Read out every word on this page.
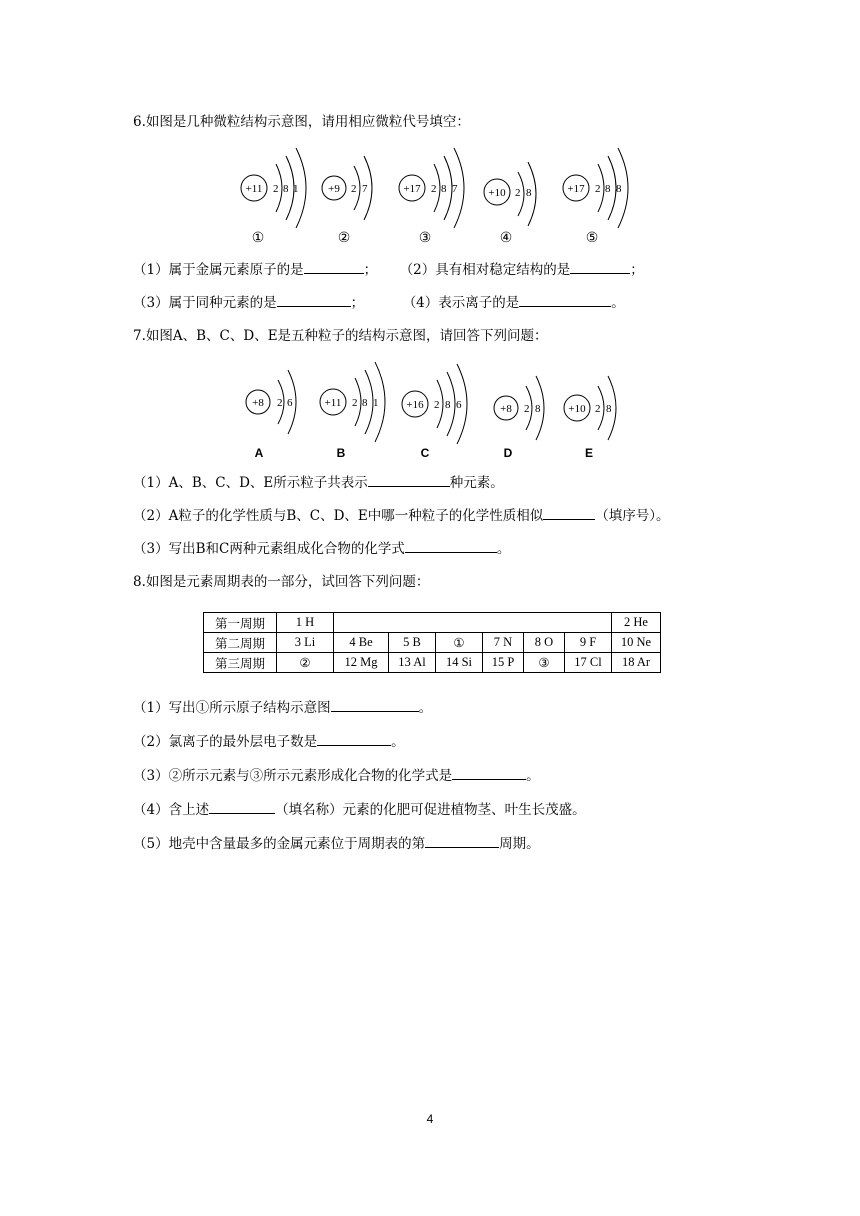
6.如图是几种微粒结构示意图，请用相应微粒代号填空：
+11 2 8 1
①
+9 2 7
②
+17 2 8 7
③
+10 2 8
④
+17 2 8 8
⑤
（1）属于金属元素原子的是	； （2）具有相对稳定结构的是	；
（3）属于同种元素的是	；	（4）表示离子的是	。
7.如图A、B、C、D、E是五种粒子的结构示意图，请回答下列问题：
+8 2 6
A
+11 2 8 1
B
+16 2 8 6
C
+8 2 8
D
+10 2 8
E
（1）A、B、C、D、E所示粒子共表示	种元素。
（2）A粒子的化学性质与B、C、D、E中哪一种粒子的化学性质相似	（填序号）。
（3）写出B和C两种元素组成化合物的化学式	。
8.如图是元素周期表的一部分，试回答下列问题：
第一周期	1 H							2 He
第二周期	3 Li	4 Be	5 B	①	7 N	8 O	9 F	10 Ne
第三周期	②	12 Mg	13 Al	14 Si	15 P	③	17 Cl	18 Ar
（1）写出①所示原子结构示意图	。
（2）氯离子的最外层电子数是	。
（3）②所示元素与③所示元素形成化合物的化学式是	。
（4）含上述	（填名称）元素的化肥可促进植物茎、叶生长茂盛。
（5）地壳中含量最多的金属元素位于周期表的第	周期。
4
